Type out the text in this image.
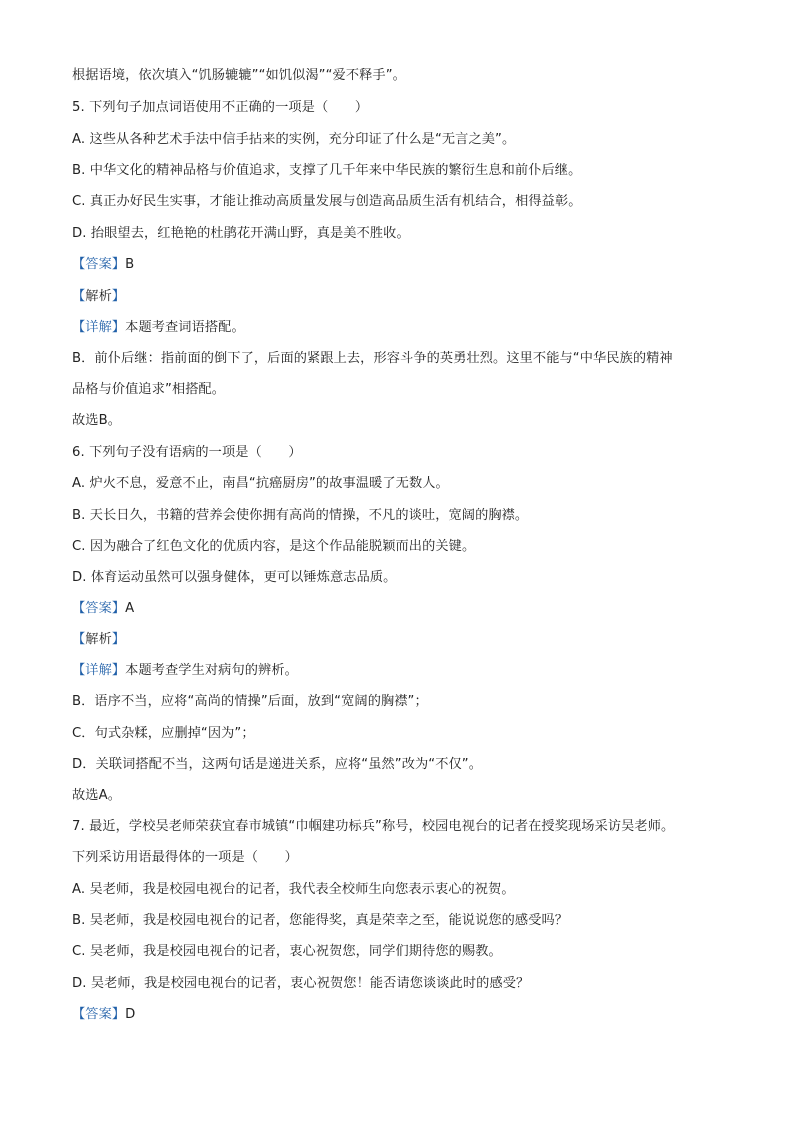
根据语境，依次填入“饥肠辘辘”“如饥似渴”“爱不释手”。
5. 下列句子加点词语使用不正确的一项是（　　）
A. 这些从各种艺术手法中信手拈来的实例，充分印证了什么是“无言之美”。
B. 中华文化的精神品格与价值追求，支撑了几千年来中华民族的繁衍生息和前仆后继。
C. 真正办好民生实事，才能让推动高质量发展与创造高品质生活有机结合，相得益彰。
D. 抬眼望去，红艳艳的杜鹃花开满山野，真是美不胜收。
【答案】B
【解析】
【详解】本题考查词语搭配。
B．前仆后继：指前面的倒下了，后面的紧跟上去，形容斗争的英勇壮烈。这里不能与“中华民族的精神
品格与价值追求”相搭配。
故选B。
6. 下列句子没有语病的一项是（　　）
A. 炉火不息，爱意不止，南昌“抗癌厨房”的故事温暖了无数人。
B. 天长日久，书籍的营养会使你拥有高尚的情操，不凡的谈吐，宽阔的胸襟。
C. 因为融合了红色文化的优质内容，是这个作品能脱颖而出的关键。
D. 体育运动虽然可以强身健体，更可以锤炼意志品质。
【答案】A
【解析】
【详解】本题考查学生对病句的辨析。
B．语序不当，应将“高尚的情操”后面，放到“宽阔的胸襟”；
C．句式杂糅，应删掉“因为”；
D．关联词搭配不当，这两句话是递进关系，应将“虽然”改为“不仅”。
故选A。
7. 最近，学校吴老师荣获宜春市城镇“巾帼建功标兵”称号，校园电视台的记者在授奖现场采访吴老师。
下列采访用语最得体的一项是（　　）
A. 吴老师，我是校园电视台的记者，我代表全校师生向您表示衷心的祝贺。
B. 吴老师，我是校园电视台的记者，您能得奖，真是荣幸之至，能说说您的感受吗？
C. 吴老师，我是校园电视台的记者，衷心祝贺您，同学们期待您的赐教。
D. 吴老师，我是校园电视台的记者，衷心祝贺您！能否请您谈谈此时的感受？
【答案】D
